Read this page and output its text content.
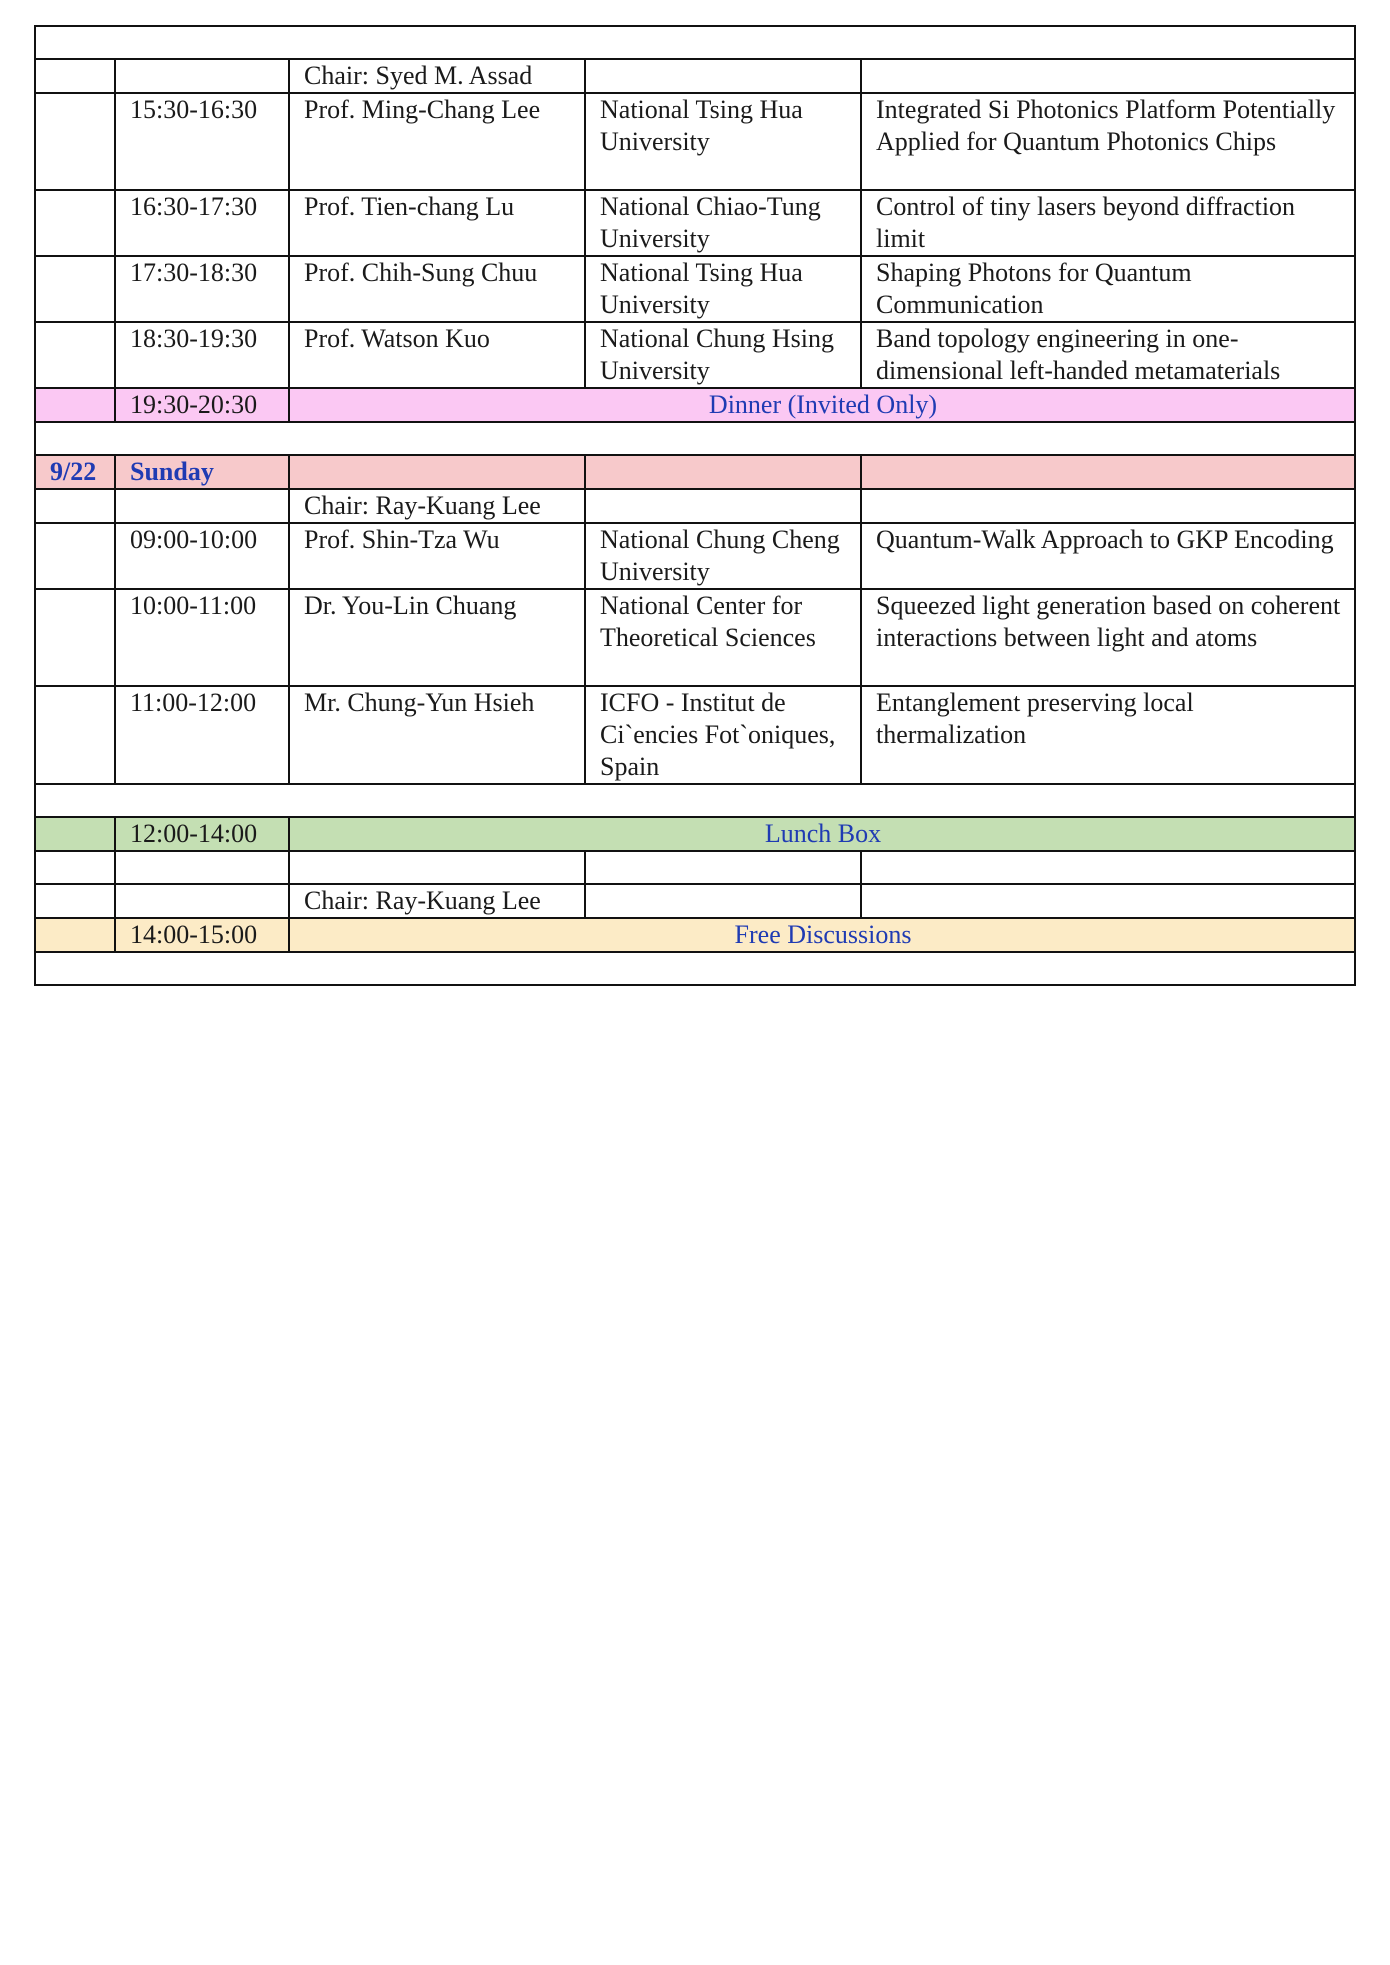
		Chair: Syed M. Assad		
	15:30-16:30	Prof. Ming-Chang Lee	National Tsing Hua University	Integrated Si Photonics Platform Potentially Applied for Quantum Photonics Chips
	16:30-17:30	Prof. Tien-chang Lu	National Chiao-Tung University	Control of tiny lasers beyond diffraction limit
	17:30-18:30	Prof. Chih-Sung Chuu	National Tsing Hua University	Shaping Photons for Quantum Communication
	18:30-19:30	Prof. Watson Kuo	National Chung Hsing University	Band topology engineering in one-dimensional left-handed metamaterials
	19:30-20:30	Dinner (Invited Only)		

9/22	Sunday			
		Chair: Ray-Kuang Lee		
	09:00-10:00	Prof. Shin-Tza Wu	National Chung Cheng University	Quantum-Walk Approach to GKP Encoding
	10:00-11:00	Dr. You-Lin Chuang	National Center for Theoretical Sciences	Squeezed light generation based on coherent interactions between light and atoms
	11:00-12:00	Mr. Chung-Yun Hsieh	ICFO - Institut de Ci`encies Fot`oniques, Spain	Entanglement preserving local thermalization

	12:00-14:00	Lunch Box		

		Chair: Ray-Kuang Lee		
	14:00-15:00	Free Discussions		
